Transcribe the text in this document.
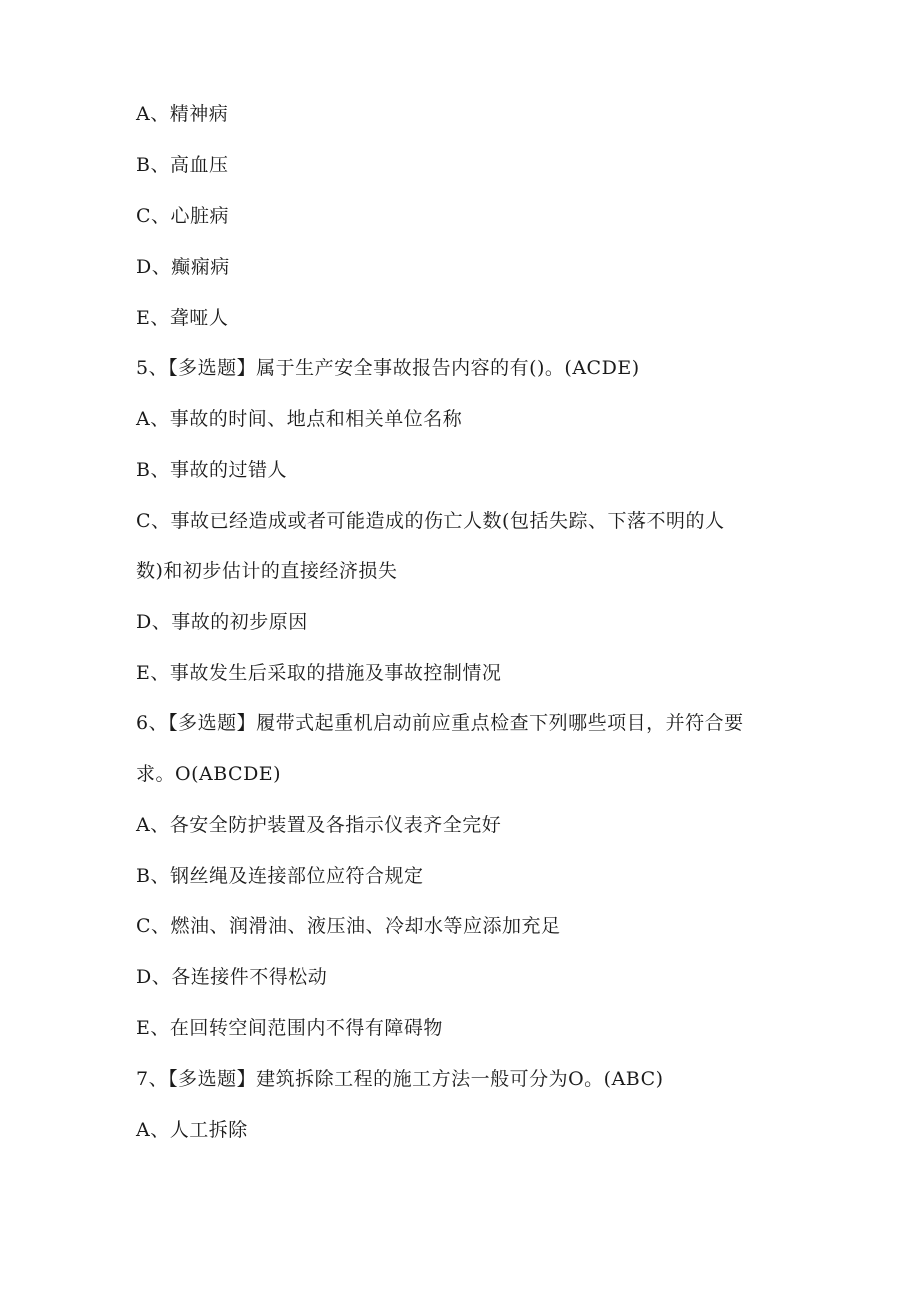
A、精神病
B、高血压
C、心脏病
D、癫痫病
E、聋哑人
5、【多选题】属于生产安全事故报告内容的有()。(ACDE)
A、事故的时间、地点和相关单位名称
B、事故的过错人
C、事故已经造成或者可能造成的伤亡人数(包括失踪、下落不明的人
数)和初步估计的直接经济损失
D、事故的初步原因
E、事故发生后采取的措施及事故控制情况
6、【多选题】履带式起重机启动前应重点检查下列哪些项目，并符合要
求。O(ABCDE)
A、各安全防护装置及各指示仪表齐全完好
B、钢丝绳及连接部位应符合规定
C、燃油、润滑油、液压油、冷却水等应添加充足
D、各连接件不得松动
E、在回转空间范围内不得有障碍物
7、【多选题】建筑拆除工程的施工方法一般可分为O。(ABC)
A、人工拆除
